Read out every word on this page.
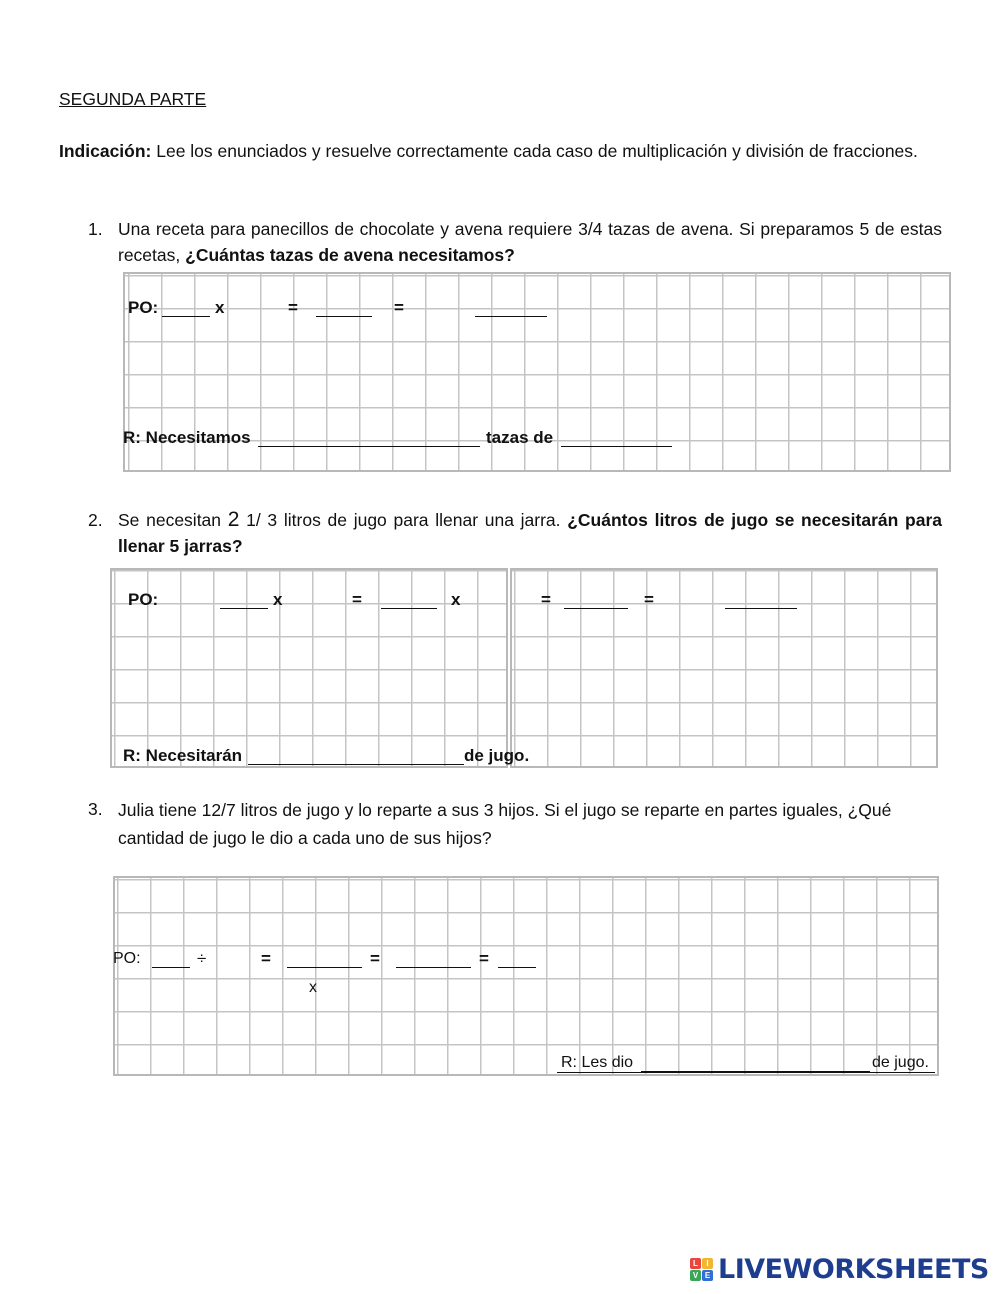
SEGUNDA PARTE
Indicación: Lee los enunciados y resuelve correctamente cada caso de multiplicación y división de fracciones.
1. Una receta para panecillos de chocolate y avena requiere 3/4 tazas de avena. Si preparamos 5 de estas recetas, ¿Cuántas tazas de avena necesitamos?
PO:	x	=	=
R: Necesitamos	tazas de
2. Se necesitan 2 1/ 3 litros de jugo para llenar una jarra. ¿Cuántos litros de jugo se necesitarán para llenar 5 jarras?
PO:	x	=	x	=	=
R: Necesitarán	de jugo.
3. Julia tiene 12/7 litros de jugo y lo reparte a sus 3 hijos. Si el jugo se reparte en partes iguales, ¿Qué cantidad de jugo le dio a cada uno de sus hijos?
PO:	÷	=
x
=	=
R: Les dio	de jugo.
L	I
V E LIVEWORKSHEETS
